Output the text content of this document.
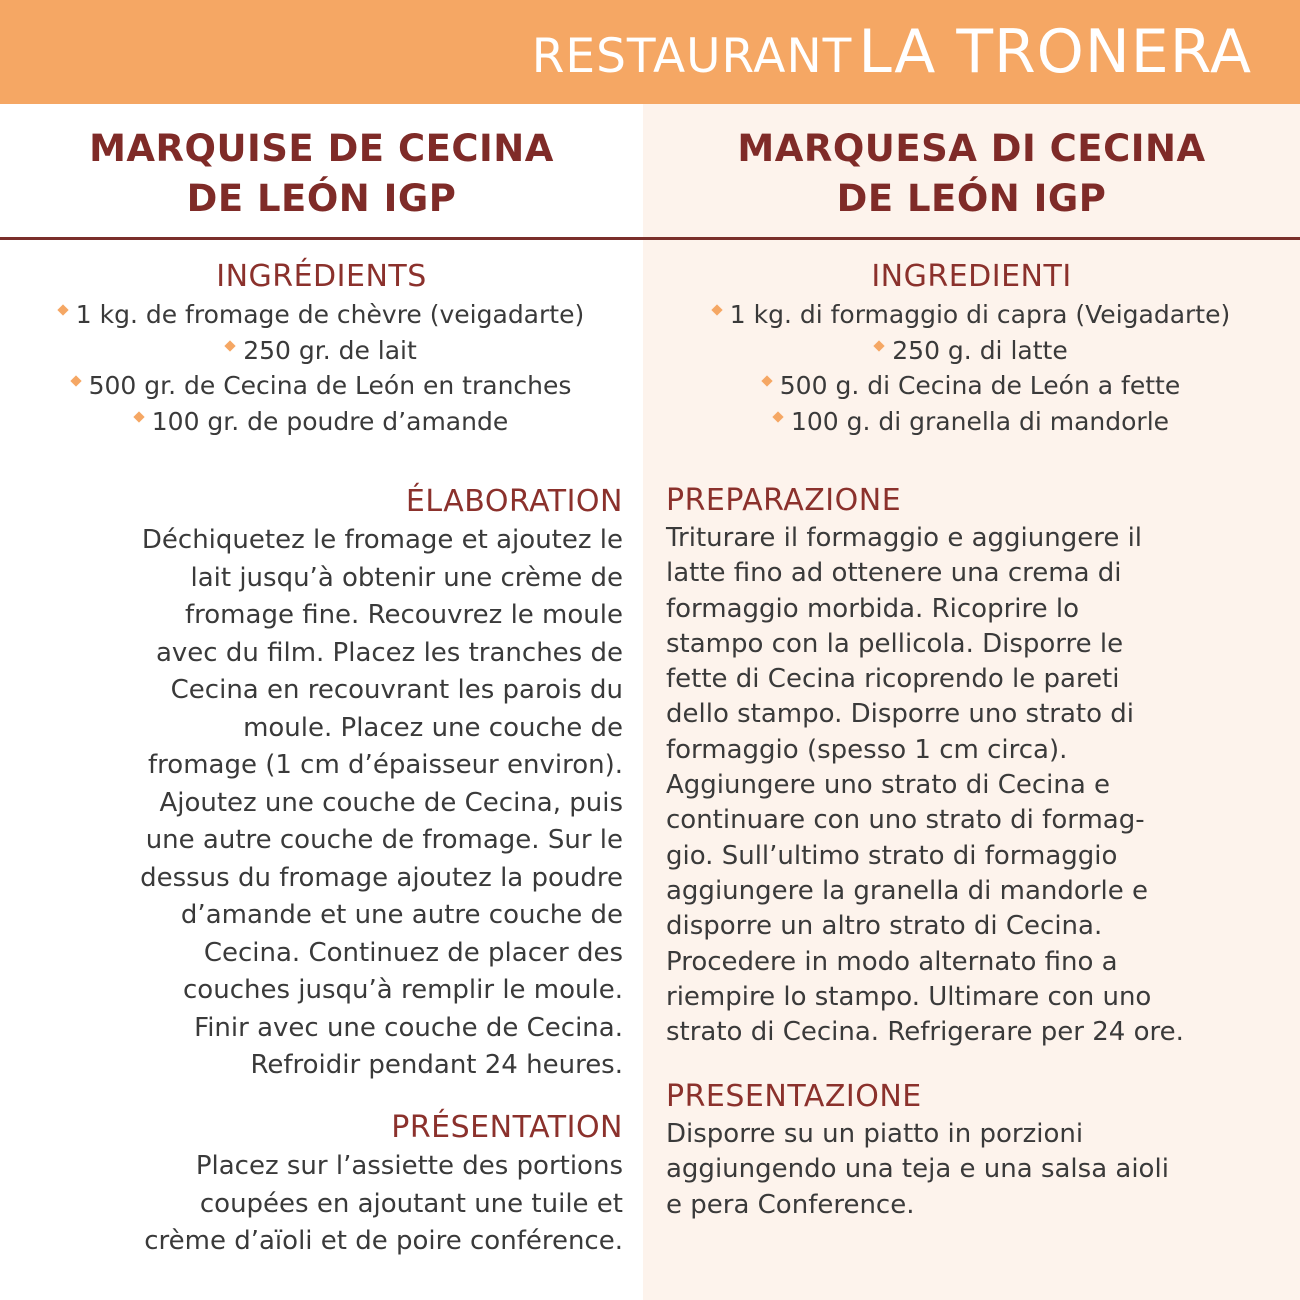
RESTAURANT LA TRONERA
MARQUISE DE CECINA
DE LEÓN IGP
MARQUESA DI CECINA
DE LEÓN IGP
INGRÉDIENTS
1 kg. de fromage de chèvre (veigadarte)
250 gr. de lait
500 gr. de Cecina de León en tranches
100 gr. de poudre d’amande
INGREDIENTI
1 kg. di formaggio di capra (Veigadarte)
250 g. di latte
500 g. di Cecina de León a fette
100 g. di granella di mandorle
ÉLABORATION
Déchiquetez le fromage et ajoutez le
lait jusqu’à obtenir une crème de
fromage fine. Recouvrez le moule
avec du film. Placez les tranches de
Cecina en recouvrant les parois du
moule. Placez une couche de
fromage (1 cm d’épaisseur environ).
Ajoutez une couche de Cecina, puis
une autre couche de fromage. Sur le
dessus du fromage ajoutez la poudre
d’amande et une autre couche de
Cecina. Continuez de placer des
couches jusqu’à remplir le moule.
Finir avec une couche de Cecina.
Refroidir pendant 24 heures.
PRÉSENTATION
Placez sur l’assiette des portions
coupées en ajoutant une tuile et
crème d’aïoli et de poire conférence.
PREPARAZIONE
Triturare il formaggio e aggiungere il
latte fino ad ottenere una crema di
formaggio morbida. Ricoprire lo
stampo con la pellicola. Disporre le
fette di Cecina ricoprendo le pareti
dello stampo. Disporre uno strato di
formaggio (spesso 1 cm circa).
Aggiungere uno strato di Cecina e
continuare con uno strato di formag-
gio. Sull’ultimo strato di formaggio
aggiungere la granella di mandorle e
disporre un altro strato di Cecina.
Procedere in modo alternato fino a
riempire lo stampo. Ultimare con uno
strato di Cecina. Refrigerare per 24 ore.
PRESENTAZIONE
Disporre su un piatto in porzioni
aggiungendo una teja e una salsa aioli
e pera Conference.
